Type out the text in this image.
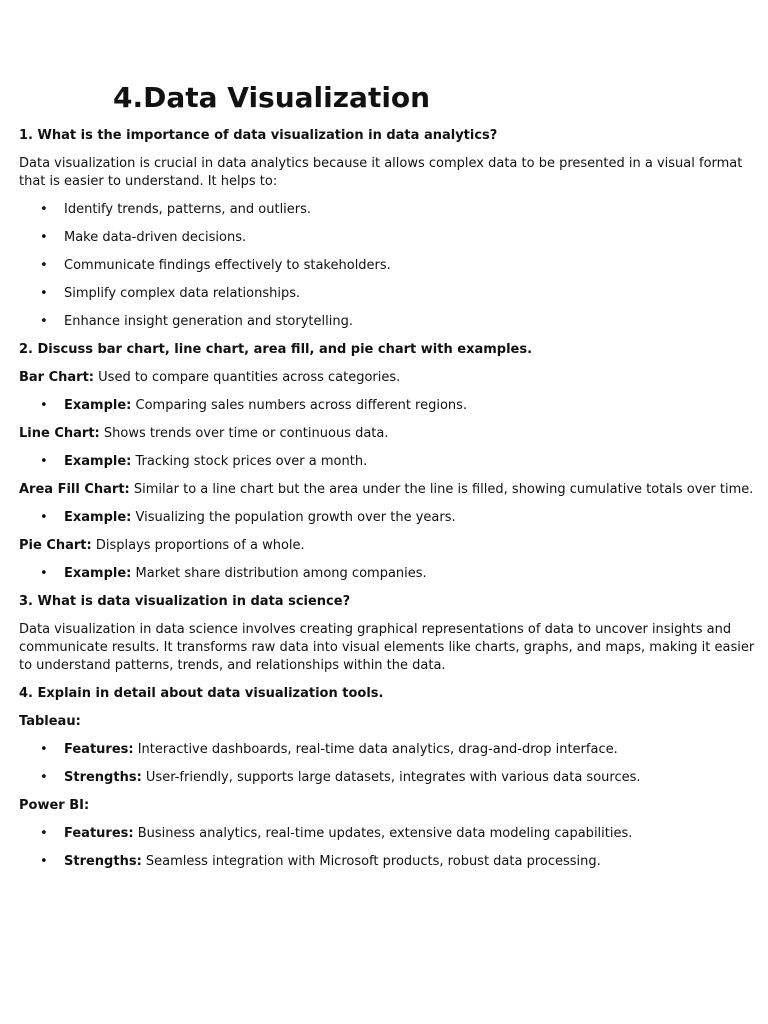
4.Data Visualization

1. What is the importance of data visualization in data analytics?

Data visualization is crucial in data analytics because it allows complex data to be presented in a visual format that is easier to understand. It helps to:

• Identify trends, patterns, and outliers.
• Make data-driven decisions.
• Communicate findings effectively to stakeholders.
• Simplify complex data relationships.
• Enhance insight generation and storytelling.

2. Discuss bar chart, line chart, area fill, and pie chart with examples.

Bar Chart: Used to compare quantities across categories.

• Example: Comparing sales numbers across different regions.

Line Chart: Shows trends over time or continuous data.

• Example: Tracking stock prices over a month.

Area Fill Chart: Similar to a line chart but the area under the line is filled, showing cumulative totals over time.

• Example: Visualizing the population growth over the years.

Pie Chart: Displays proportions of a whole.

• Example: Market share distribution among companies.

3. What is data visualization in data science?

Data visualization in data science involves creating graphical representations of data to uncover insights and communicate results. It transforms raw data into visual elements like charts, graphs, and maps, making it easier to understand patterns, trends, and relationships within the data.

4. Explain in detail about data visualization tools.

Tableau:

• Features: Interactive dashboards, real-time data analytics, drag-and-drop interface.
• Strengths: User-friendly, supports large datasets, integrates with various data sources.

Power BI:

• Features: Business analytics, real-time updates, extensive data modeling capabilities.
• Strengths: Seamless integration with Microsoft products, robust data processing.
